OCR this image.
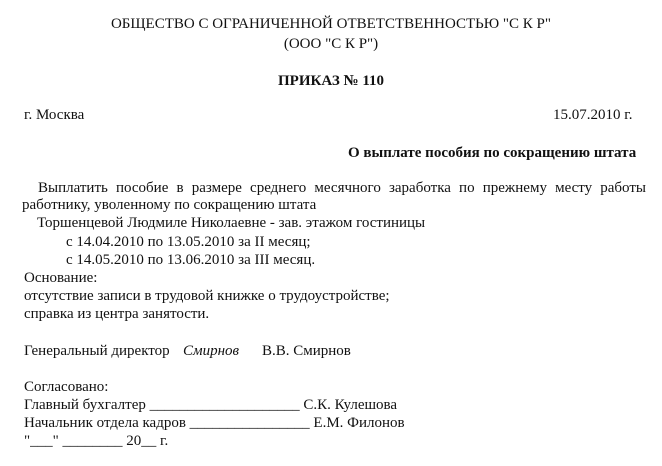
ОБЩЕСТВО С ОГРАНИЧЕННОЙ ОТВЕТСТВЕННОСТЬЮ "С К Р"
(ООО "С К Р")
ПРИКАЗ № 110
г. Москва	15.07.2010 г.
О выплате пособия по сокращению штата
Выплатить пособие в размере среднего месячного заработка по прежнему месту работы
работнику, уволенному по сокращению штата
Торшенцевой Людмиле Николаевне - зав. этажом гостиницы
с 14.04.2010 по 13.05.2010 за II месяц;
с 14.05.2010 по 13.06.2010 за III месяц.
Основание:
отсутствие записи в трудовой книжке о трудоустройстве;
справка из центра занятости.
Генеральный директор Смирнов В.В. Смирнов
Согласовано:
Главный бухгалтер ____________________ С.К. Кулешова
Начальник отдела кадров ________________ Е.М. Филонов
"___" ________ 20__ г.
